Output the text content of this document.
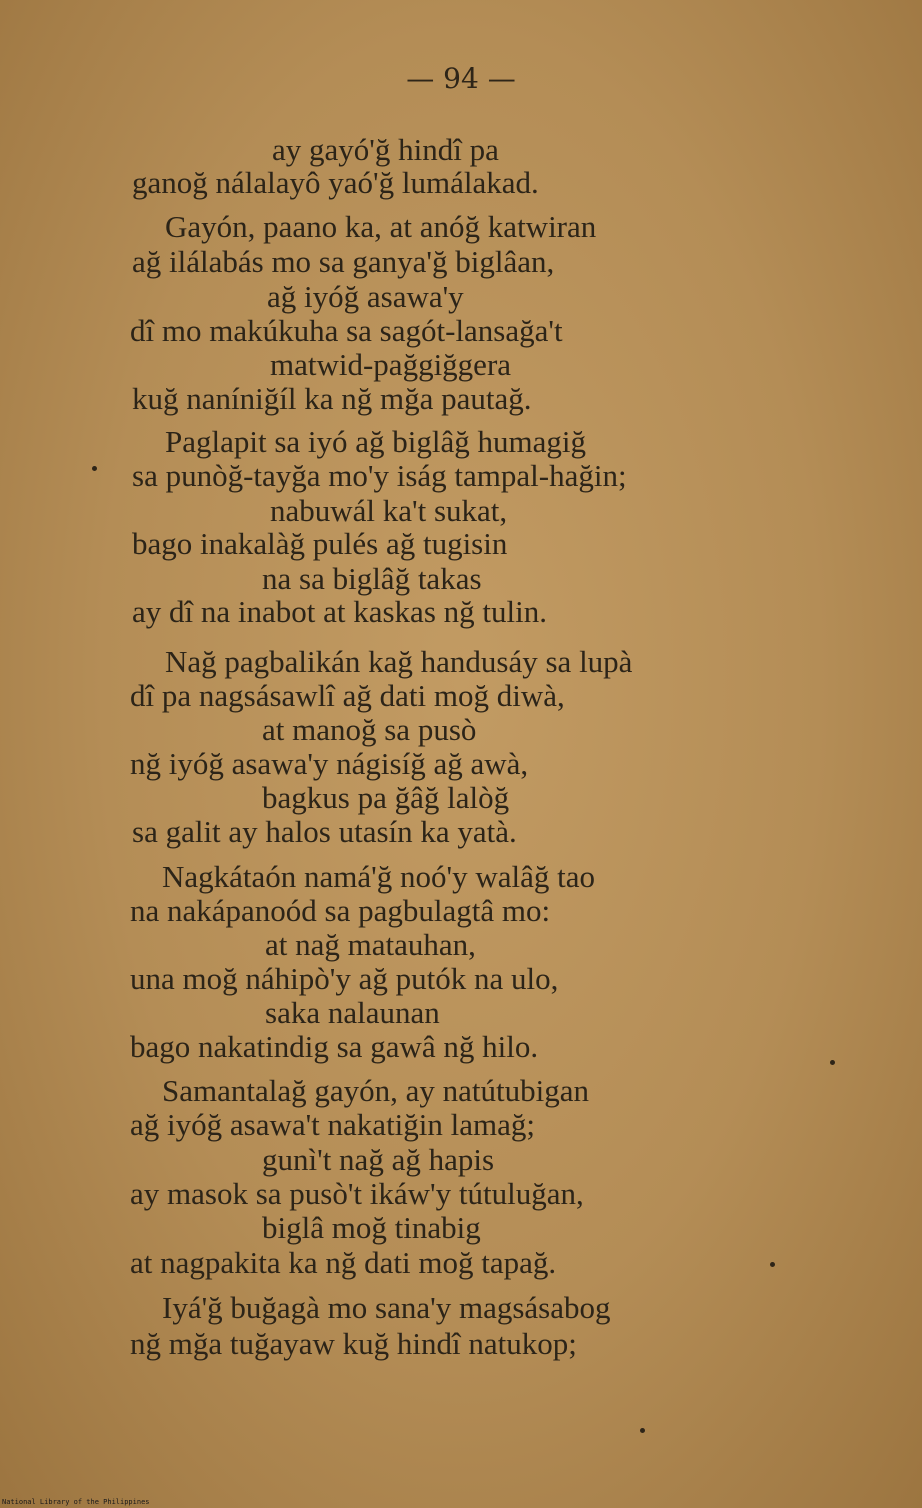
— 94 —
ay gayó'ğ hindî pa
ganoğ nálalayô yaó'ğ lumálakad.
Gayón, paano ka, at anóğ katwiran
ağ ilálabás mo sa ganya'ğ biglâan,
ağ iyóğ asawa'y
dî mo makúkuha sa sagót-lansağa't
matwid-pağgiğgera
kuğ naníniğíl ka nğ mğa pautağ.
Paglapit sa iyó ağ biglâğ humagiğ
sa punòğ-tayğa mo'y iság tampal-hağin;
nabuwál ka't sukat,
bago inakalàğ pulés ağ tugisin
na sa biglâğ takas
ay dî na inabot at kaskas nğ tulin.
Nağ pagbalikán kağ handusáy sa lupà
dî pa nagsásawlî ağ dati moğ diwà,
at manoğ sa pusò
nğ iyóğ asawa'y nágisíğ ağ awà,
bagkus pa ğâğ lalòğ
sa galit ay halos utasín ka yatà.
Nagkátaón namá'ğ noó'y walâğ tao
na nakápanoód sa pagbulagtâ mo:
at nağ matauhan,
una moğ náhipò'y ağ putók na ulo,
saka nalaunan
bago nakatindig sa gawâ nğ hilo.
Samantalağ gayón, ay natútubigan
ağ iyóğ asawa't nakatiğin lamağ;
gunì't nağ ağ hapis
ay masok sa pusò't ikáw'y tútuluğan,
biglâ moğ tinabig
at nagpakita ka nğ dati moğ tapağ.
Iyá'ğ buğagà mo sana'y magsásabog
nğ mğa tuğayaw kuğ hindî natukop;
National Library of the Philippines
